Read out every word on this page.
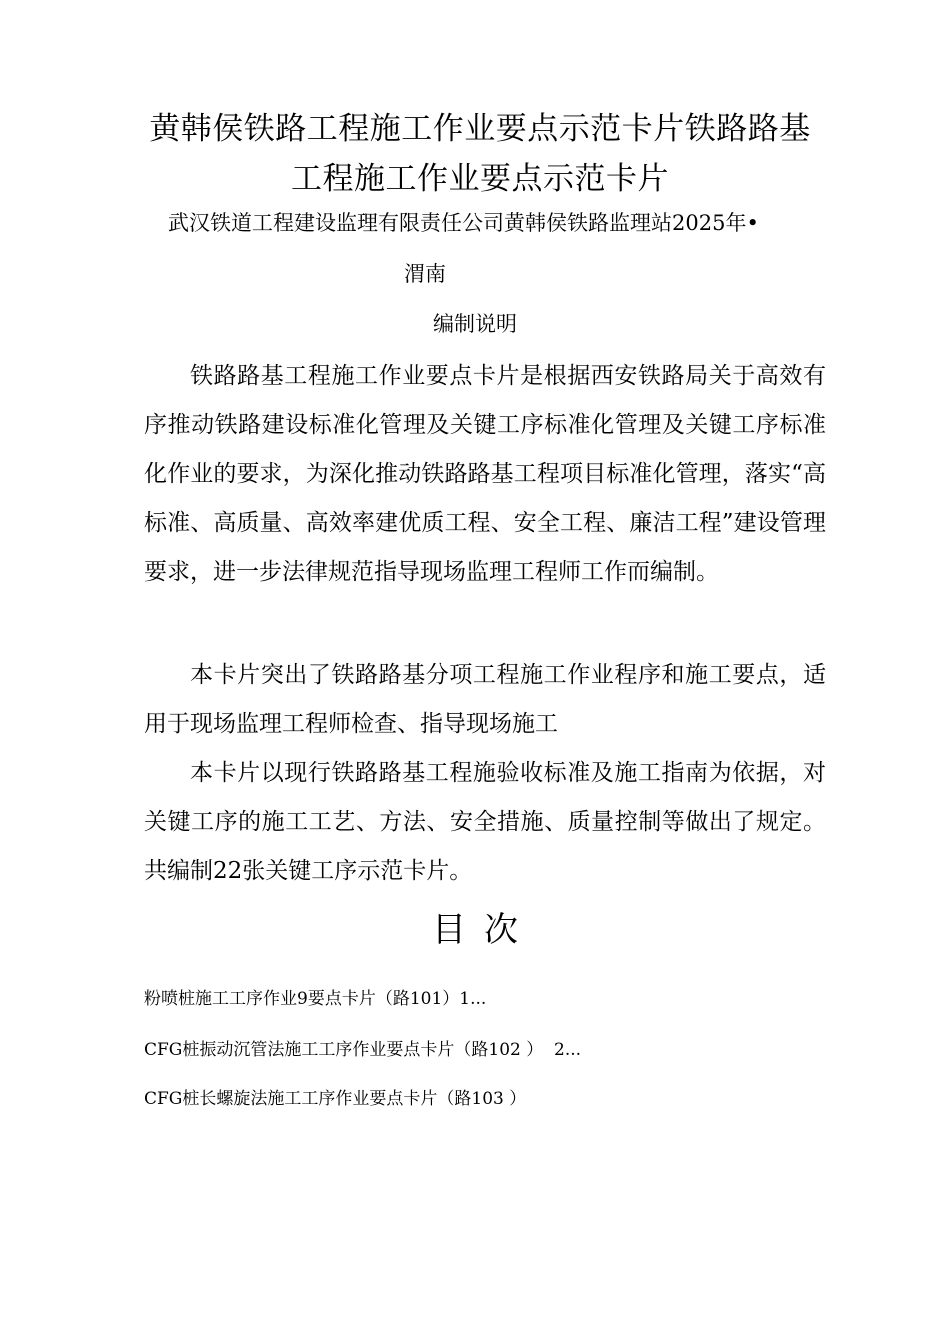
黄韩侯铁路工程施工作业要点示范卡片铁路路基工程施工作业要点示范卡片
武汉铁道工程建设监理有限责任公司黄韩侯铁路监理站2025年•
渭南
编制说明

铁路路基工程施工作业要点卡片是根据西安铁路局关于高效有序推动铁路建设标准化管理及关键工序标准化管理及关键工序标准化作业的要求，为深化推动铁路路基工程项目标准化管理，落实“高标准、高质量、高效率建优质工程、安全工程、廉洁工程”建设管理要求，进一步法律规范指导现场监理工程师工作而编制。

本卡片突出了铁路路基分项工程施工作业程序和施工要点，适用于现场监理工程师检查、指导现场施工

本卡片以现行铁路路基工程施验收标准及施工指南为依据，对关键工序的施工工艺、方法、安全措施、质量控制等做出了规定。共编制22张关键工序示范卡片。

目次
粉喷桩施工工序作业9要点卡片（路101）1...
CFG桩振动沉管法施工工序作业要点卡片（路102 ）  2...
CFG桩长螺旋法施工工序作业要点卡片（路103 ）
